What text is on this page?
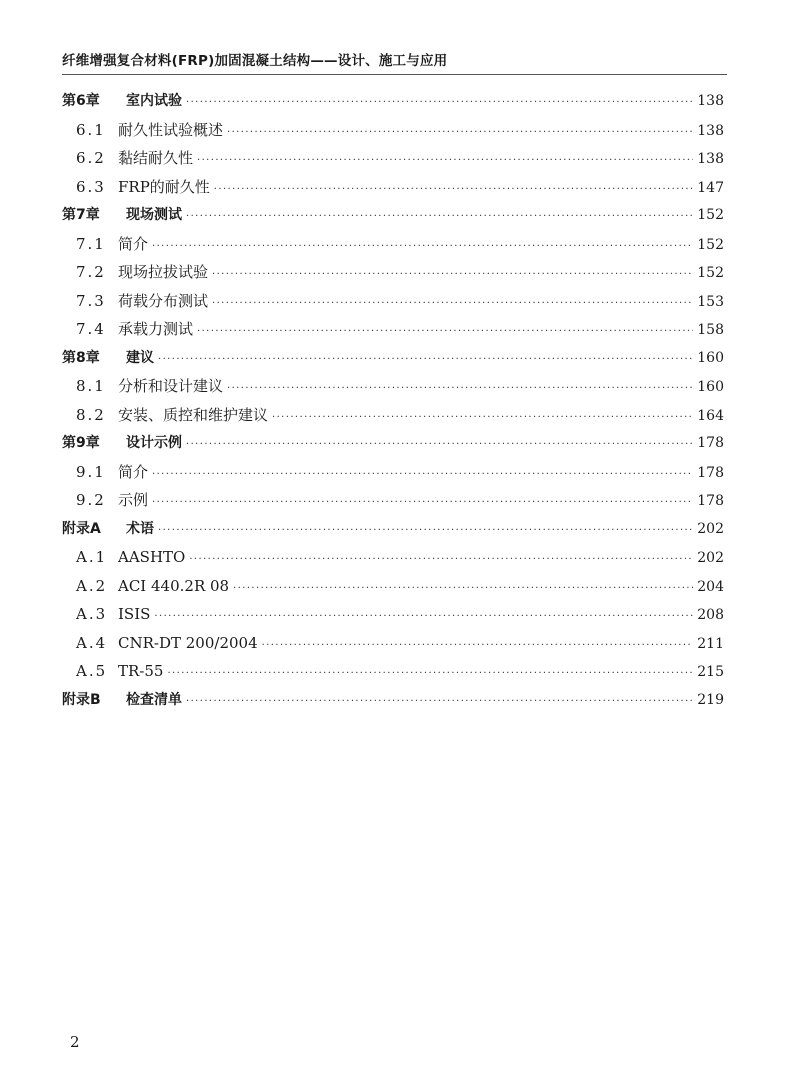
纤维增强复合材料(FRP)加固混凝土结构——设计、施工与应用
第6章	室内试验 ·····	138
6.1 耐久性试验概述 ·····	138
6.2 黏结耐久性 ·····	138
6.3 FRP的耐久性 ·····	147
第7章	现场测试 ·····	152
7.1 简介 ·····	152
7.2 现场拉拔试验 ·····	152
7.3 荷载分布测试 ·····	153
7.4 承载力测试 ·····	158
第8章	建议 ·····	160
8.1 分析和设计建议 ·····	160
8.2 安装、质控和维护建议 ·····	164
第9章	设计示例 ·····	178
9.1 简介 ·····	178
9.2 示例 ·····	178
附录A	术语 ·····	202
A.1 AASHTO ·····	202
A.2 ACI 440.2R 08 ·····	204
A.3 ISIS ·····	208
A.4 CNR-DT 200/2004 ·····	211
A.5 TR-55 ·····	215
附录B	检查清单 ·····	219
2
